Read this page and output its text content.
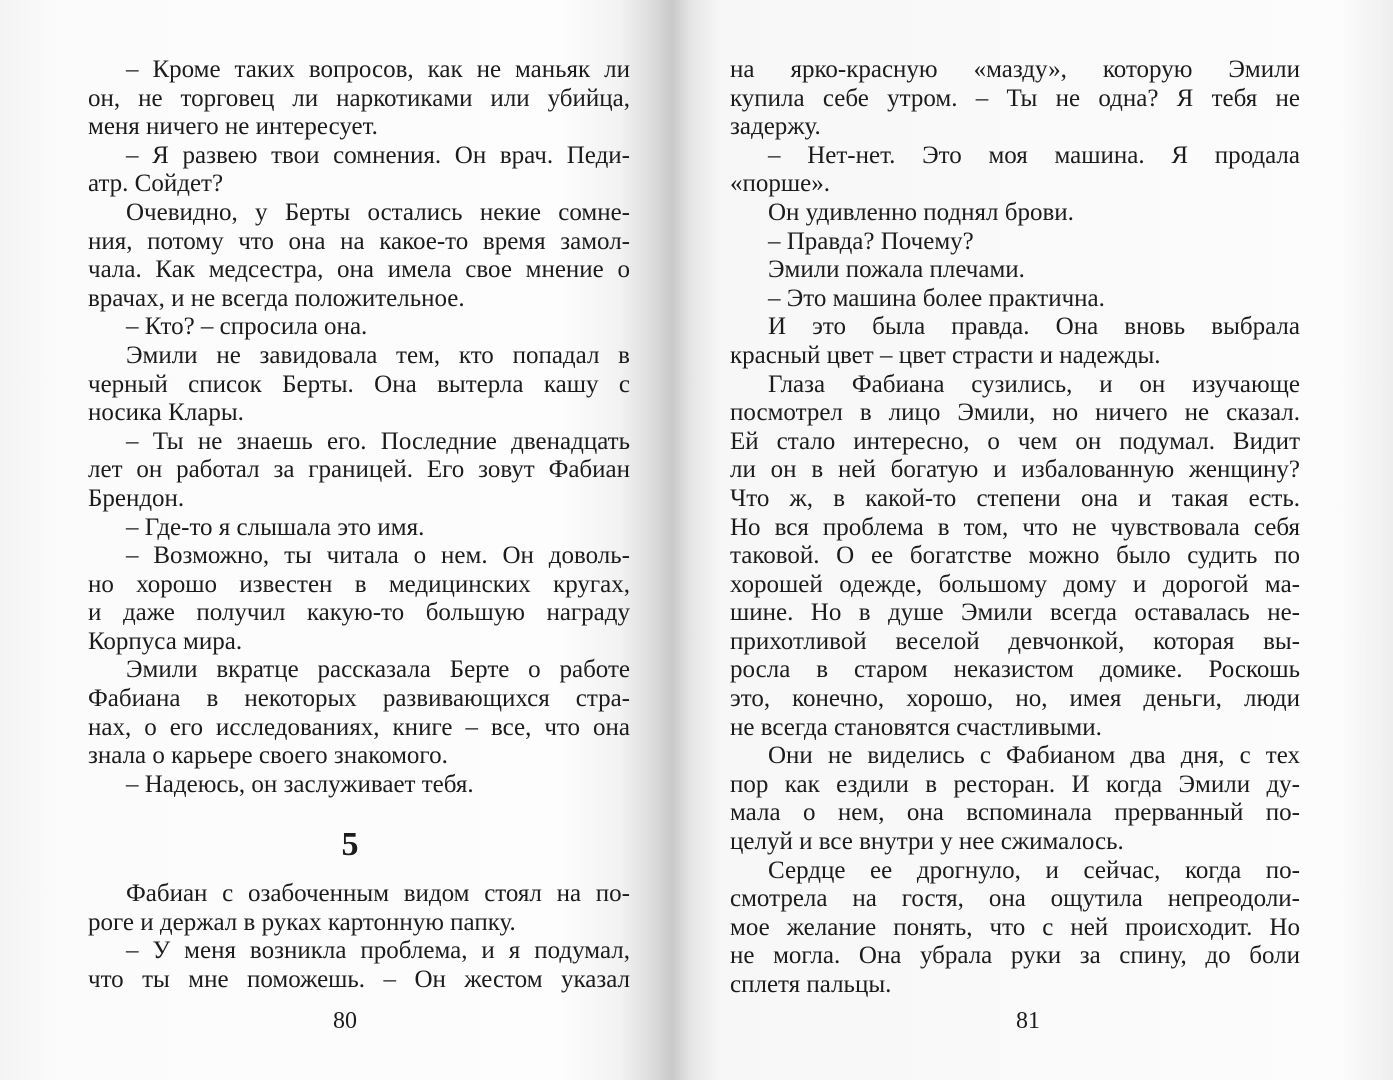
– Кроме таких вопросов, как не маньяк ли
он, не торговец ли наркотиками или убийца,
меня ничего не интересует.
– Я развею твои сомнения. Он врач. Педи-
атр. Сойдет?
Очевидно, у Берты остались некие сомне-
ния, потому что она на какое-то время замол-
чала. Как медсестра, она имела свое мнение о
врачах, и не всегда положительное.
– Кто? – спросила она.
Эмили не завидовала тем, кто попадал в
черный список Берты. Она вытерла кашу с
носика Клары.
– Ты не знаешь его. Последние двенадцать
лет он работал за границей. Его зовут Фабиан
Брендон.
– Где-то я слышала это имя.
– Возможно, ты читала о нем. Он доволь-
но хорошо известен в медицинских кругах,
и даже получил какую-то большую награду
Корпуса мира.
Эмили вкратце рассказала Берте о работе
Фабиана в некоторых развивающихся стра-
нах, о его исследованиях, книге – все, что она
знала о карьере своего знакомого.
– Надеюсь, он заслуживает тебя.
5
Фабиан с озабоченным видом стоял на по-
роге и держал в руках картонную папку.
– У меня возникла проблема, и я подумал,
что ты мне поможешь. – Он жестом указал
80
на ярко-красную «мазду», которую Эмили
купила себе утром. – Ты не одна? Я тебя не
задержу.
– Нет-нет. Это моя машина. Я продала
«порше».
Он удивленно поднял брови.
– Правда? Почему?
Эмили пожала плечами.
– Это машина более практична.
И это была правда. Она вновь выбрала
красный цвет – цвет страсти и надежды.
Глаза Фабиана сузились, и он изучающе
посмотрел в лицо Эмили, но ничего не сказал.
Ей стало интересно, о чем он подумал. Видит
ли он в ней богатую и избалованную женщину?
Что ж, в какой-то степени она и такая есть.
Но вся проблема в том, что не чувствовала себя
таковой. О ее богатстве можно было судить по
хорошей одежде, большому дому и дорогой ма-
шине. Но в душе Эмили всегда оставалась не-
прихотливой веселой девчонкой, которая вы-
росла в старом неказистом домике. Роскошь
это, конечно, хорошо, но, имея деньги, люди
не всегда становятся счастливыми.
Они не виделись с Фабианом два дня, с тех
пор как ездили в ресторан. И когда Эмили ду-
мала о нем, она вспоминала прерванный по-
целуй и все внутри у нее сжималось.
Сердце ее дрогнуло, и сейчас, когда по-
смотрела на гостя, она ощутила непреодоли-
мое желание понять, что с ней происходит. Но
не могла. Она убрала руки за спину, до боли
сплетя пальцы.
81
